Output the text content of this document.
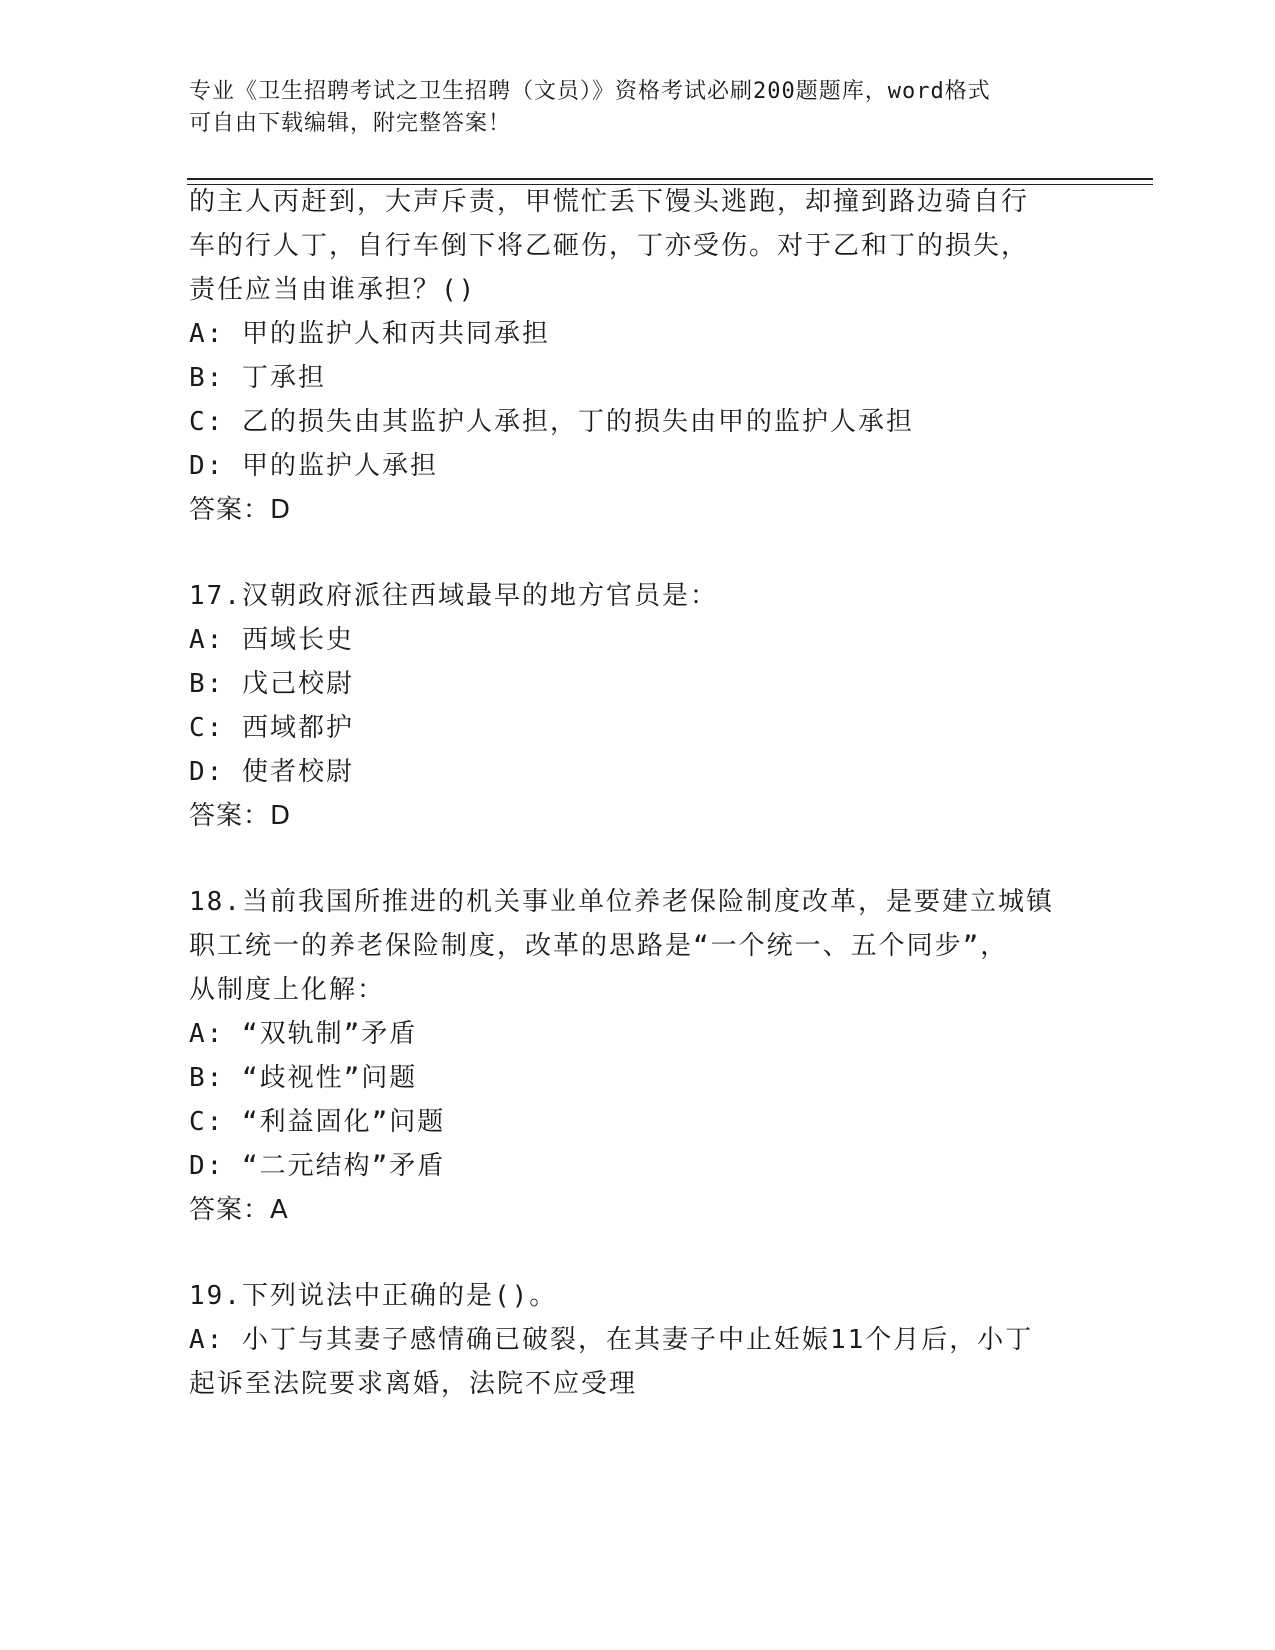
专业《卫生招聘考试之卫生招聘（文员）》资格考试必刷200题题库，word格式
可自由下载编辑，附完整答案！
的主人丙赶到，大声斥责，甲慌忙丢下馒头逃跑，却撞到路边骑自行
车的行人丁，自行车倒下将乙砸伤，丁亦受伤。对于乙和丁的损失，
责任应当由谁承担？()
A: 甲的监护人和丙共同承担
B: 丁承担
C: 乙的损失由其监护人承担，丁的损失由甲的监护人承担
D: 甲的监护人承担
答案：D
17.汉朝政府派往西域最早的地方官员是：
A: 西域长史
B: 戊己校尉
C: 西域都护
D: 使者校尉
答案：D
18.当前我国所推进的机关事业单位养老保险制度改革，是要建立城镇
职工统一的养老保险制度，改革的思路是“一个统一、五个同步”，
从制度上化解：
A: “双轨制”矛盾
B: “歧视性”问题
C: “利益固化”问题
D: “二元结构”矛盾
答案：A
19.下列说法中正确的是()。
A: 小丁与其妻子感情确已破裂，在其妻子中止妊娠11个月后，小丁
起诉至法院要求离婚，法院不应受理
